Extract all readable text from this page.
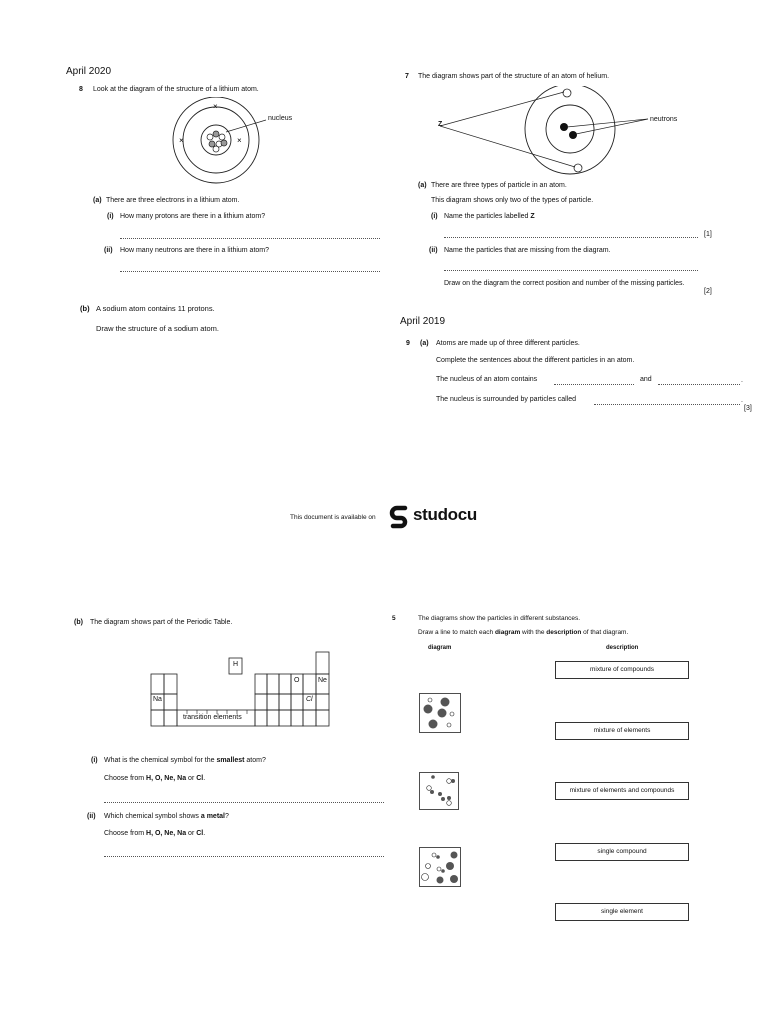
April 2020
8 Look at the diagram of the structure of a lithium atom.
×
×	×
nucleus
(a) There are three electrons in a lithium atom.
(i) How many protons are there in a lithium atom?
(ii) How many neutrons are there in a lithium atom?
(b) A sodium atom contains 11 protons.
Draw the structure of a sodium atom.
7 The diagram shows part of the structure of an atom of helium.
Z
neutrons
(a) There are three types of particle in an atom.
This diagram shows only two of the types of particle.
(i) Name the particles labelled Z
[1]
(ii) Name the particles that are missing from the diagram.
Draw on the diagram the correct position and number of the missing particles.
[2]
April 2019
9 (a) Atoms are made up of three different particles.
Complete the sentences about the different particles in an atom.
The nucleus of an atom contains	and	.
The nucleus is surrounded by particles called	.
[3]
This document is available on studocu
(b) The diagram shows part of the Periodic Table.
H
O	Ne
Na	Cl
transition elements
(i) What is the chemical symbol for the smallest atom?
Choose from H, O, Ne, Na or Cl.
(ii) Which chemical symbol shows a metal?
Choose from H, O, Ne, Na or Cl.
5	The diagrams show the particles in different substances.
Draw a line to match each diagram with the description of that diagram.
diagram	description
mixture of compounds
mixture of elements
mixture of elements and compounds
single compound
single element
